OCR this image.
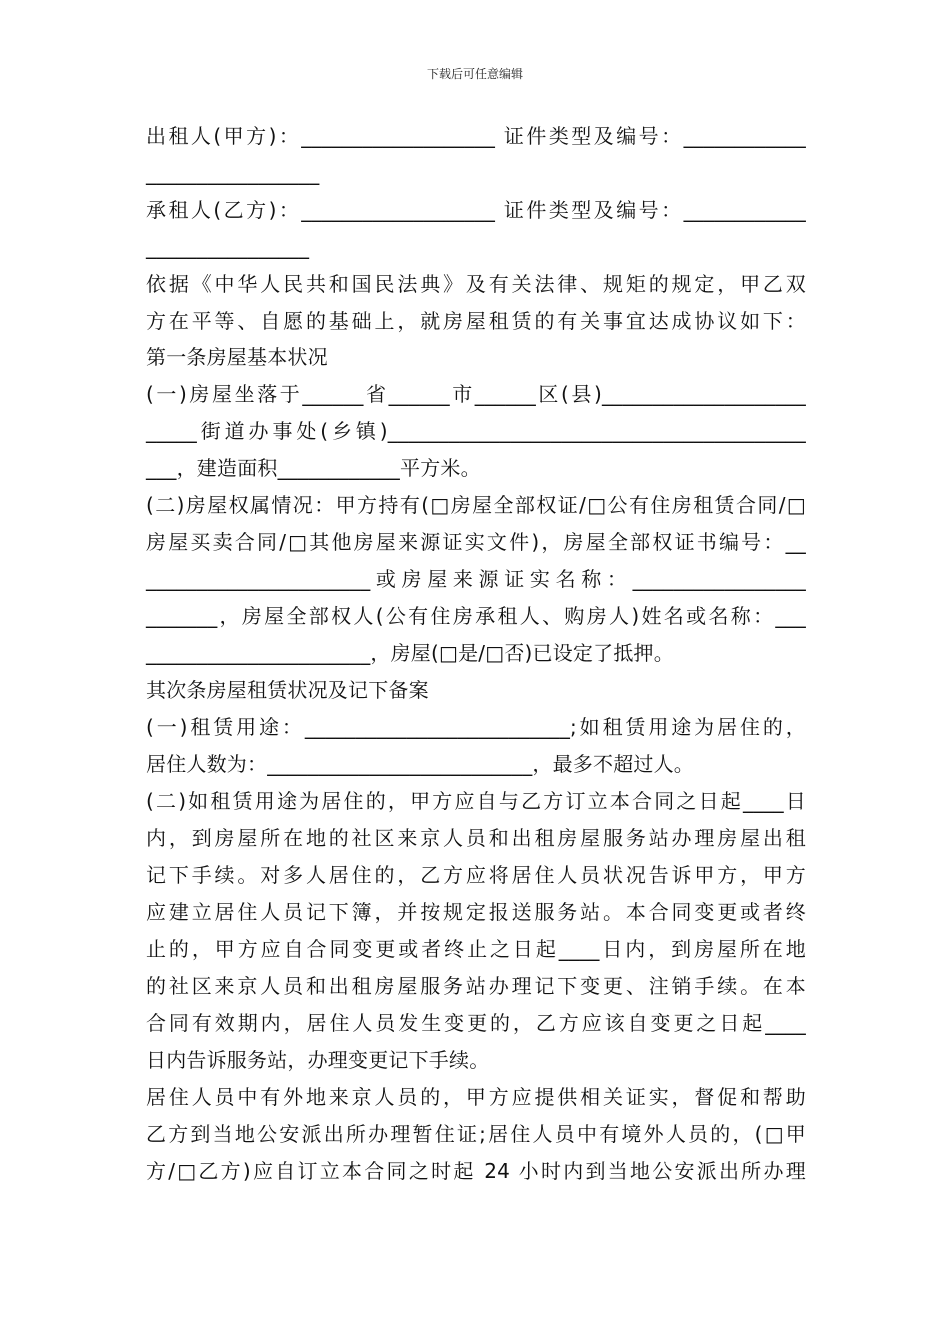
下载后可任意编辑
出租人(甲方)：___________________ 证件类型及编号：____________
_________________
承租人(乙方)：___________________ 证件类型及编号：____________
________________
依据《中华人民共和国民法典》及有关法律、规矩的规定，甲乙双
方在平等、自愿的基础上，就房屋租赁的有关事宜达成协议如下：
第一条房屋基本状况
(一)房屋坐落于______省______市______区(县)____________________
_____街道办事处(乡镇)_________________________________________
___，建造面积____________平方米。
(二)房屋权属情况：甲方持有(□房屋全部权证/□公有住房租赁合同/□
房屋买卖合同/□其他房屋来源证实文件)，房屋全部权证书编号：__
______________________或房屋来源证实名称：_________________
_______，房屋全部权人(公有住房承租人、购房人)姓名或名称：___
______________________，房屋(□是/□否)已设定了抵押。
其次条房屋租赁状况及记下备案
(一)租赁用途：__________________________;如租赁用途为居住的，
居住人数为：__________________________，最多不超过人。
(二)如租赁用途为居住的，甲方应自与乙方订立本合同之日起____日
内，到房屋所在地的社区来京人员和出租房屋服务站办理房屋出租
记下手续。对多人居住的，乙方应将居住人员状况告诉甲方，甲方
应建立居住人员记下簿，并按规定报送服务站。本合同变更或者终
止的，甲方应自合同变更或者终止之日起____日内，到房屋所在地
的社区来京人员和出租房屋服务站办理记下变更、注销手续。在本
合同有效期内，居住人员发生变更的，乙方应该自变更之日起____
日内告诉服务站，办理变更记下手续。
居住人员中有外地来京人员的，甲方应提供相关证实，督促和帮助
乙方到当地公安派出所办理暂住证;居住人员中有境外人员的，(□甲
方/□乙方)应自订立本合同之时起 24 小时内到当地公安派出所办理
